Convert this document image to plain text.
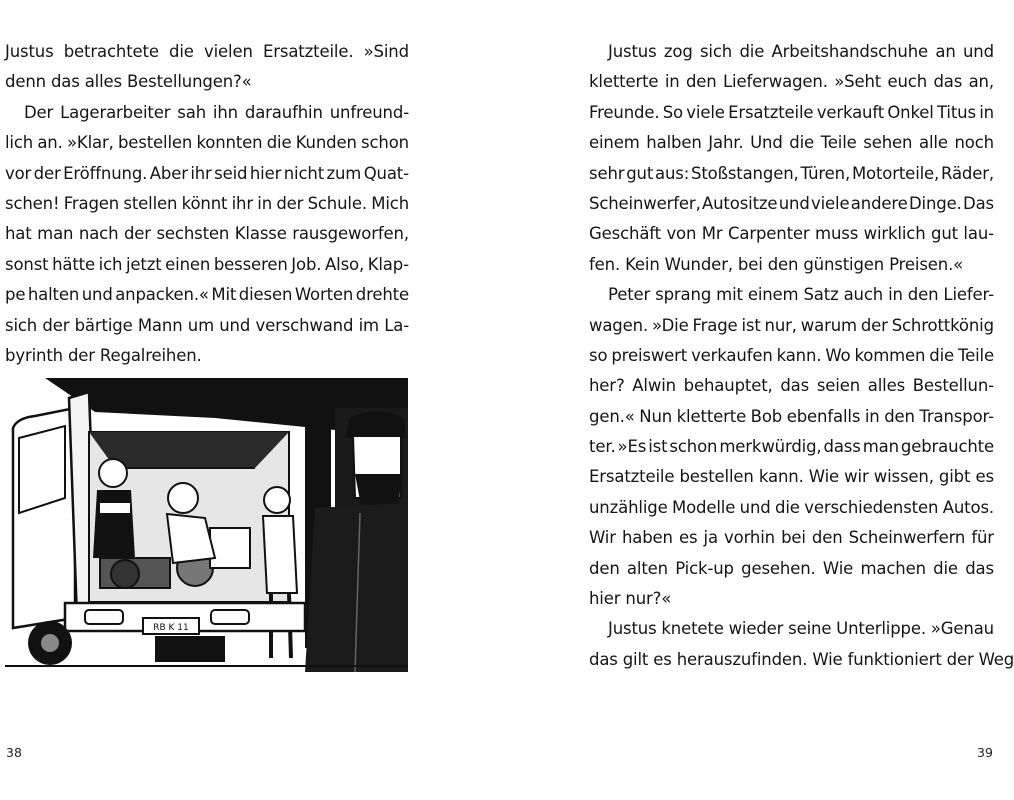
Justus betrachtete die vielen Ersatzteile. »Sind
denn das alles Bestellungen?«
Der Lagerarbeiter sah ihn daraufhin unfreund-
lich an. »Klar, bestellen konnten die Kunden schon
vor der Eröffnung. Aber ihr seid hier nicht zum Quat-
schen! Fragen stellen könnt ihr in der Schule. Mich
hat man nach der sechsten Klasse rausgeworfen,
sonst hätte ich jetzt einen besseren Job. Also, Klap-
pe halten und anpacken.« Mit diesen Worten drehte
sich der bärtige Mann um und verschwand im La-
byrinth der Regalreihen.
RB K 11
38
Justus zog sich die Arbeitshandschuhe an und
kletterte in den Lieferwagen. »Seht euch das an,
Freunde. So viele Ersatzteile verkauft Onkel Titus in
einem halben Jahr. Und die Teile sehen alle noch
sehr gut aus: Stoßstangen, Türen, Motorteile, Räder,
Scheinwerfer, Autositze und viele andere Dinge. Das
Geschäft von Mr Carpenter muss wirklich gut lau-
fen. Kein Wunder, bei den günstigen Preisen.«
Peter sprang mit einem Satz auch in den Liefer-
wagen. »Die Frage ist nur, warum der Schrottkönig
so preiswert verkaufen kann. Wo kommen die Teile
her? Alwin behauptet, das seien alles Bestellun-
gen.« Nun kletterte Bob ebenfalls in den Transpor-
ter. »Es ist schon merkwürdig, dass man gebrauchte
Ersatzteile bestellen kann. Wie wir wissen, gibt es
unzählige Modelle und die verschiedensten Autos.
Wir haben es ja vorhin bei den Scheinwerfern für
den alten Pick-up gesehen. Wie machen die das
hier nur?«
Justus knetete wieder seine Unterlippe. »Genau
das gilt es herauszufinden. Wie funktioniert der Weg
39
